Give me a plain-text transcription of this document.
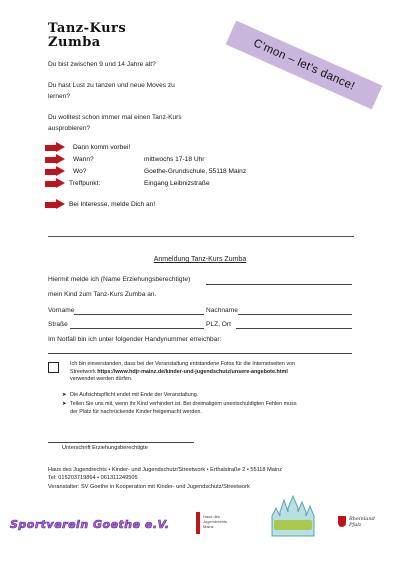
Tanz-Kurs
Zumba
Du bist zwischen 9 und 14 Jahre alt?
Du hast Lust zu tanzen und neue Moves zu lernen?
Du wolltest schon immer mal einen Tanz-Kurs ausprobieren?
C'mon – let's dance!
Dann komm vorbei!
Wann?	mittwochs 17-18 Uhr
Wo?	Goethe-Grundschule, 55118 Mainz
Treffpunkt:	Eingang Leibnizstraße
Bei Interesse, melde Dich an!
Anmeldung Tanz-Kurs Zumba
Hiermit melde ich (Name Erziehungsberechtigte)
mein Kind zum Tanz-Kurs Zumba an.
Vorname	Nachname
Straße	PLZ, Ort
Im Notfall bin ich unter folgender Handynummer erreichbar:
Ich bin einverstanden, dass bei der Veranstaltung entstandene Fotos für die Internetseiten von
Streetwork https://www.hdjr-mainz.de/kinder-und-jugendschutz/unsere-angebote.html
verwendet werden dürfen.
➤ Die Aufsichtspflicht endet mit Ende der Veranstaltung.
➤ Teilen Sie uns mit, wenn ihr Kind verhindert ist. Bei dreimaligem unentschuldigten Fehlen muss
der Platz für nachrückende Kinder freigemacht werden.
Unterschrift Erziehungsberechtigte
Haus des Jugendrechts • Kinder- und Jugendschutz/Streetwork • Erthalstraße 2 • 55118 Mainz
Tel: 015203719864 • 061311249505
Veranstalter: SV Goethe in Kooperation mit Kinder- und Jugendschutz/Streetwork
Sportverein Goethe e.V.
Haus des
Jugendrechts
Mainz
Rheinland
Pfalz
